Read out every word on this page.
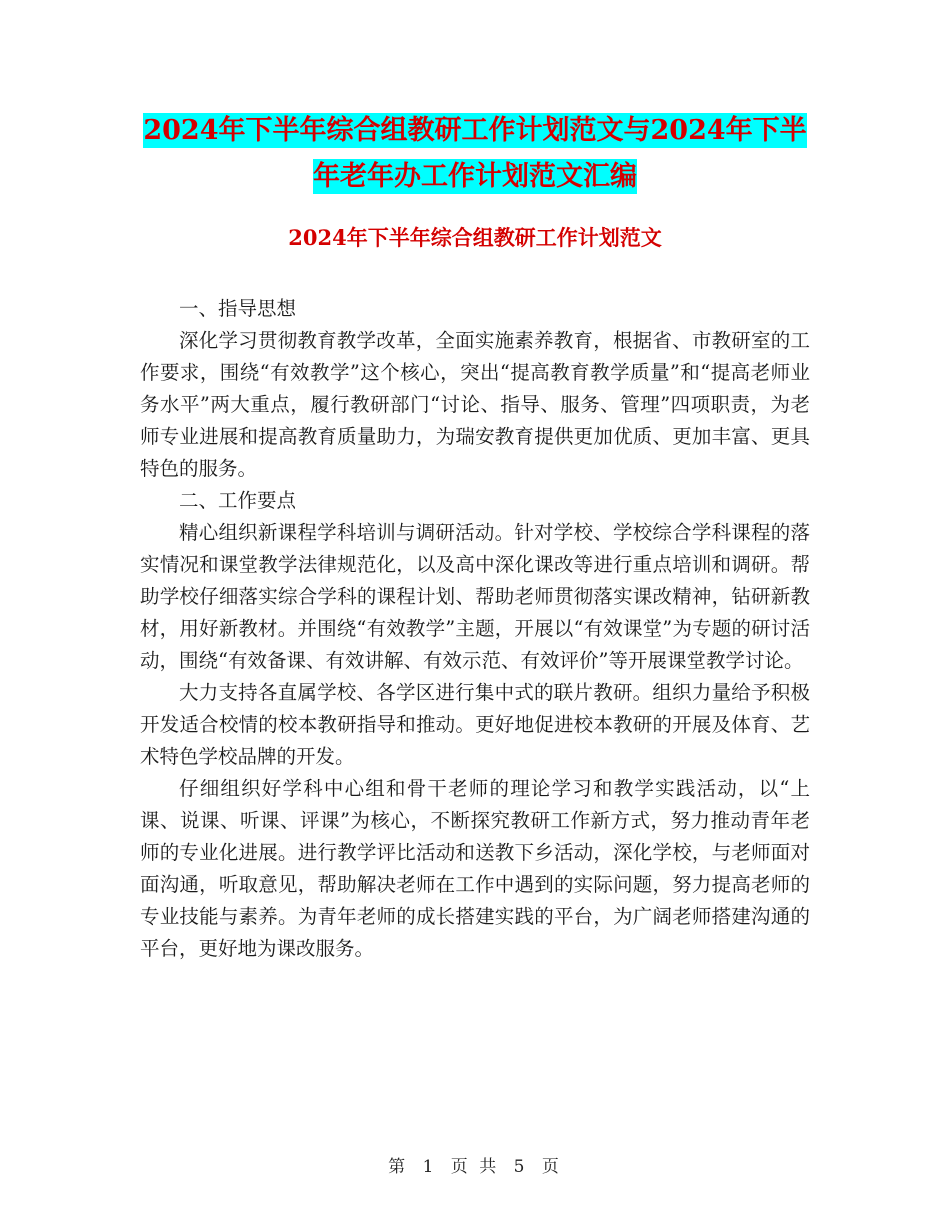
2024年下半年综合组教研工作计划范文与2024年下半
年老年办工作计划范文汇编
2024年下半年综合组教研工作计划范文

一、指导思想

深化学习贯彻教育教学改革，全面实施素养教育，根据省、市教研室的工作要求，围绕“有效教学”这个核心，突出“提高教育教学质量”和“提高老师业务水平”两大重点，履行教研部门“讨论、指导、服务、管理”四项职责，为老师专业进展和提高教育质量助力，为瑞安教育提供更加优质、更加丰富、更具特色的服务。

二、工作要点

精心组织新课程学科培训与调研活动。针对学校、学校综合学科课程的落实情况和课堂教学法律规范化，以及高中深化课改等进行重点培训和调研。帮助学校仔细落实综合学科的课程计划、帮助老师贯彻落实课改精神，钻研新教材，用好新教材。并围绕“有效教学”主题，开展以“有效课堂”为专题的研讨活动，围绕“有效备课、有效讲解、有效示范、有效评价”等开展课堂教学讨论。

大力支持各直属学校、各学区进行集中式的联片教研。组织力量给予积极开发适合校情的校本教研指导和推动。更好地促进校本教研的开展及体育、艺术特色学校品牌的开发。

仔细组织好学科中心组和骨干老师的理论学习和教学实践活动，以“上课、说课、听课、评课”为核心，不断探究教研工作新方式，努力推动青年老师的专业化进展。进行教学评比活动和送教下乡活动，深化学校，与老师面对面沟通，听取意见，帮助解决老师在工作中遇到的实际问题，努力提高老师的专业技能与素养。为青年老师的成长搭建实践的平台，为广阔老师搭建沟通的平台，更好地为课改服务。

第 1 页 共 5 页
